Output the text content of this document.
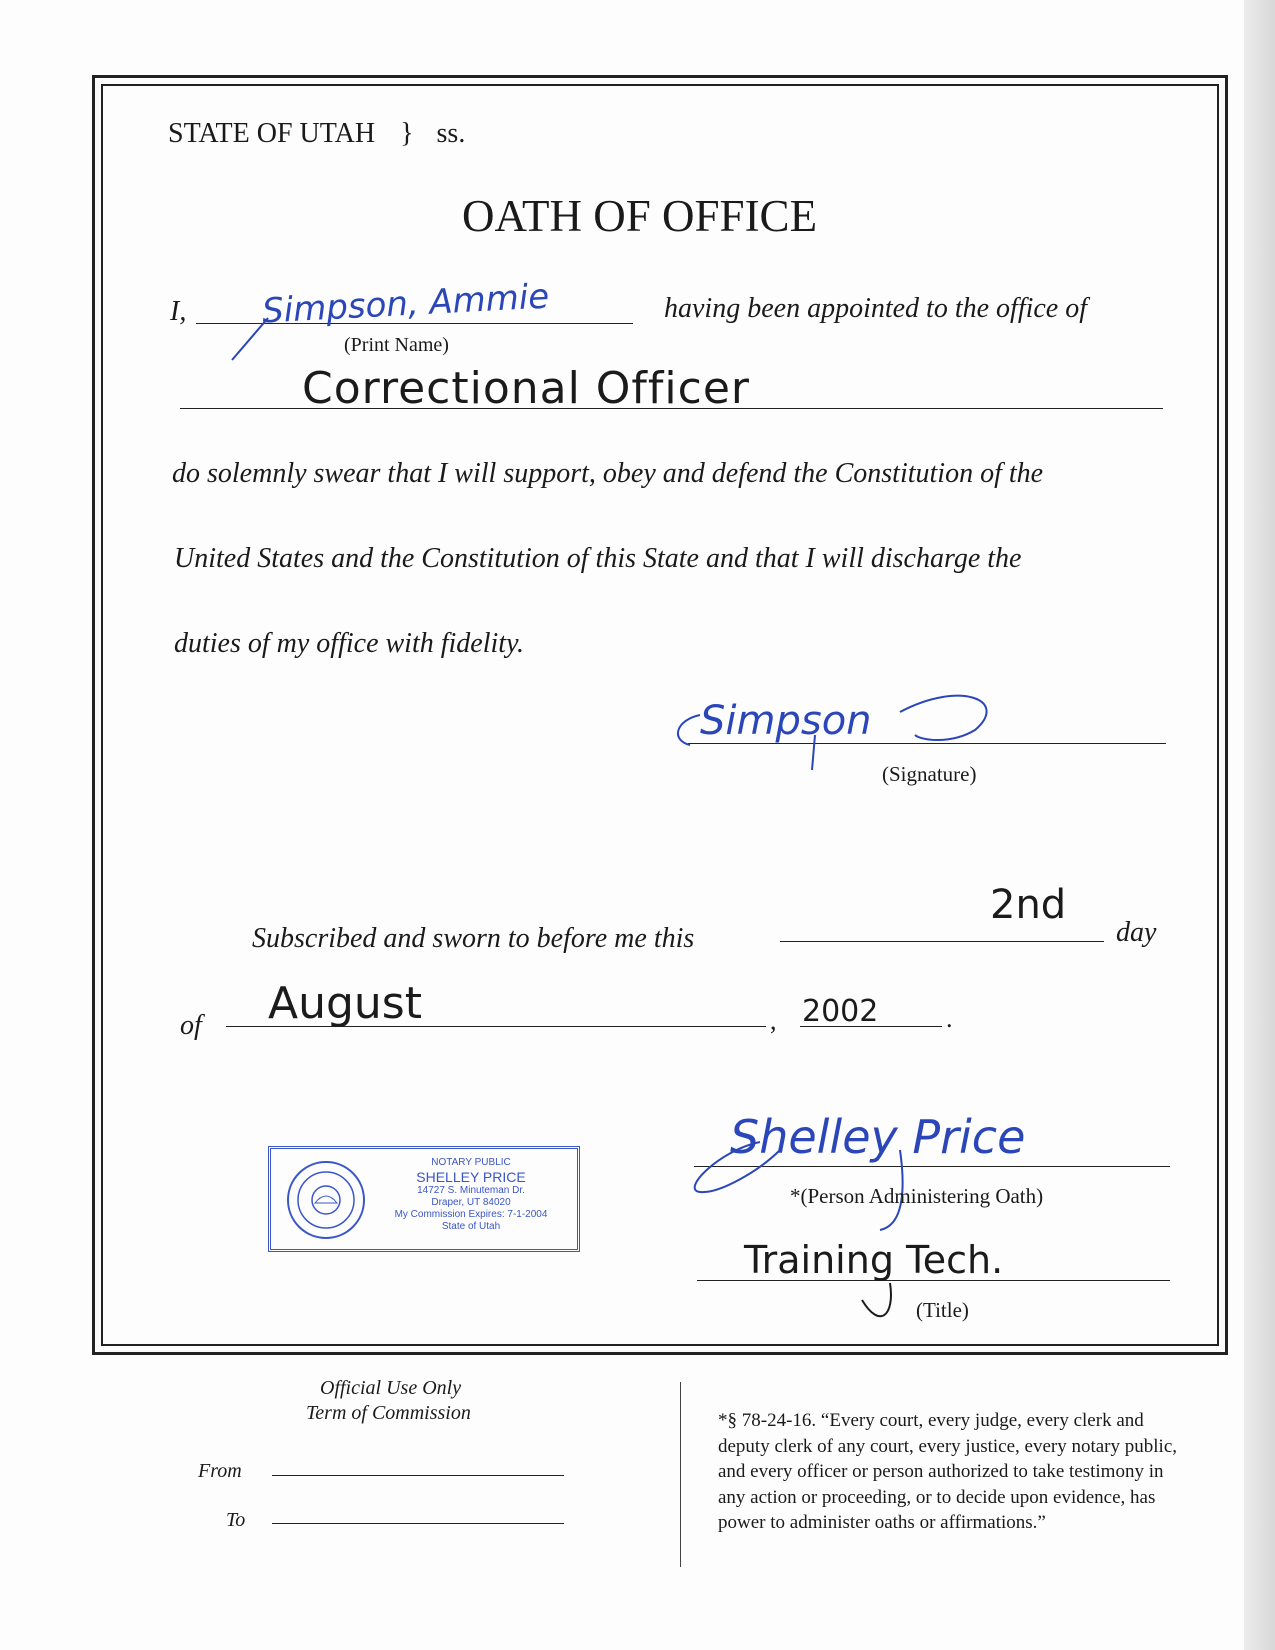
STATE OF UTAH } ss.
OATH OF OFFICE
I, Simpson, Ammie
(Print Name)
having been appointed to the office of
Correctional Officer
do solemnly swear that I will support, obey and defend the Constitution of the
United States and the Constitution of this State and that I will discharge the
duties of my office with fidelity.
Simpson
(Signature)
Subscribed and sworn to before me this
2nd
day
of August	, 2002	.
NOTARY PUBLIC
SHELLEY PRICE
14727 S. Minuteman Dr.
Draper, UT 84020
My Commission Expires: 7-1-2004
State of Utah
Shelley Price
*(Person Administering Oath)
Training Tech.
(Title)
Official Use Only
Term of Commission
From
To
*§ 78-24-16. “Every court, every judge, every clerk and
deputy clerk of any court, every justice, every notary public,
and every officer or person authorized to take testimony in
any action or proceeding, or to decide upon evidence, has
power to administer oaths or affirmations.”
